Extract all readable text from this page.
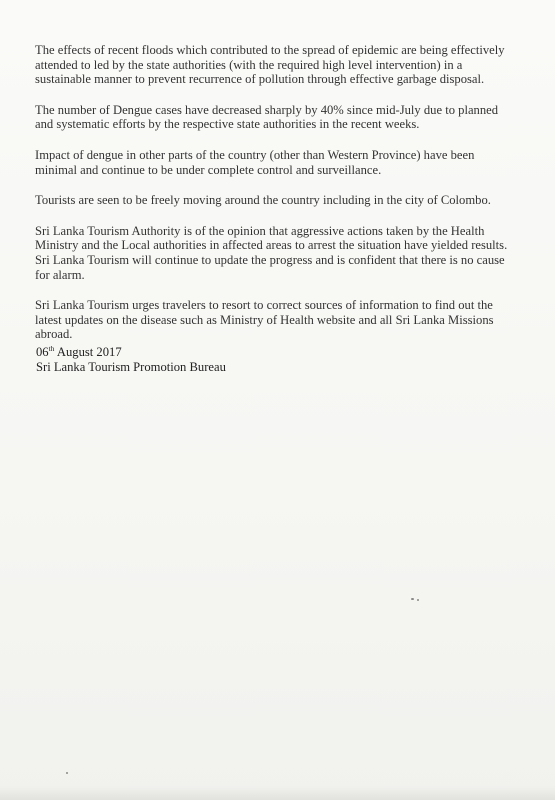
The effects of recent floods which contributed to the spread of epidemic are being effectively attended to led by the state authorities (with the required high level intervention) in a sustainable manner to prevent recurrence of pollution through effective garbage disposal.

The number of Dengue cases have decreased sharply by 40% since mid-July due to planned and systematic efforts by the respective state authorities in the recent weeks.

Impact of dengue in other parts of the country (other than Western Province) have been minimal and continue to be under complete control and surveillance.

Tourists are seen to be freely moving around the country including in the city of Colombo.

Sri Lanka Tourism Authority is of the opinion that aggressive actions taken by the Health Ministry and the Local authorities in affected areas to arrest the situation have yielded results. Sri Lanka Tourism will continue to update the progress and is confident that there is no cause for alarm.

Sri Lanka Tourism urges travelers to resort to correct sources of information to find out the latest updates on the disease such as Ministry of Health website and all Sri Lanka Missions abroad.

06th August 2017
Sri Lanka Tourism Promotion Bureau
